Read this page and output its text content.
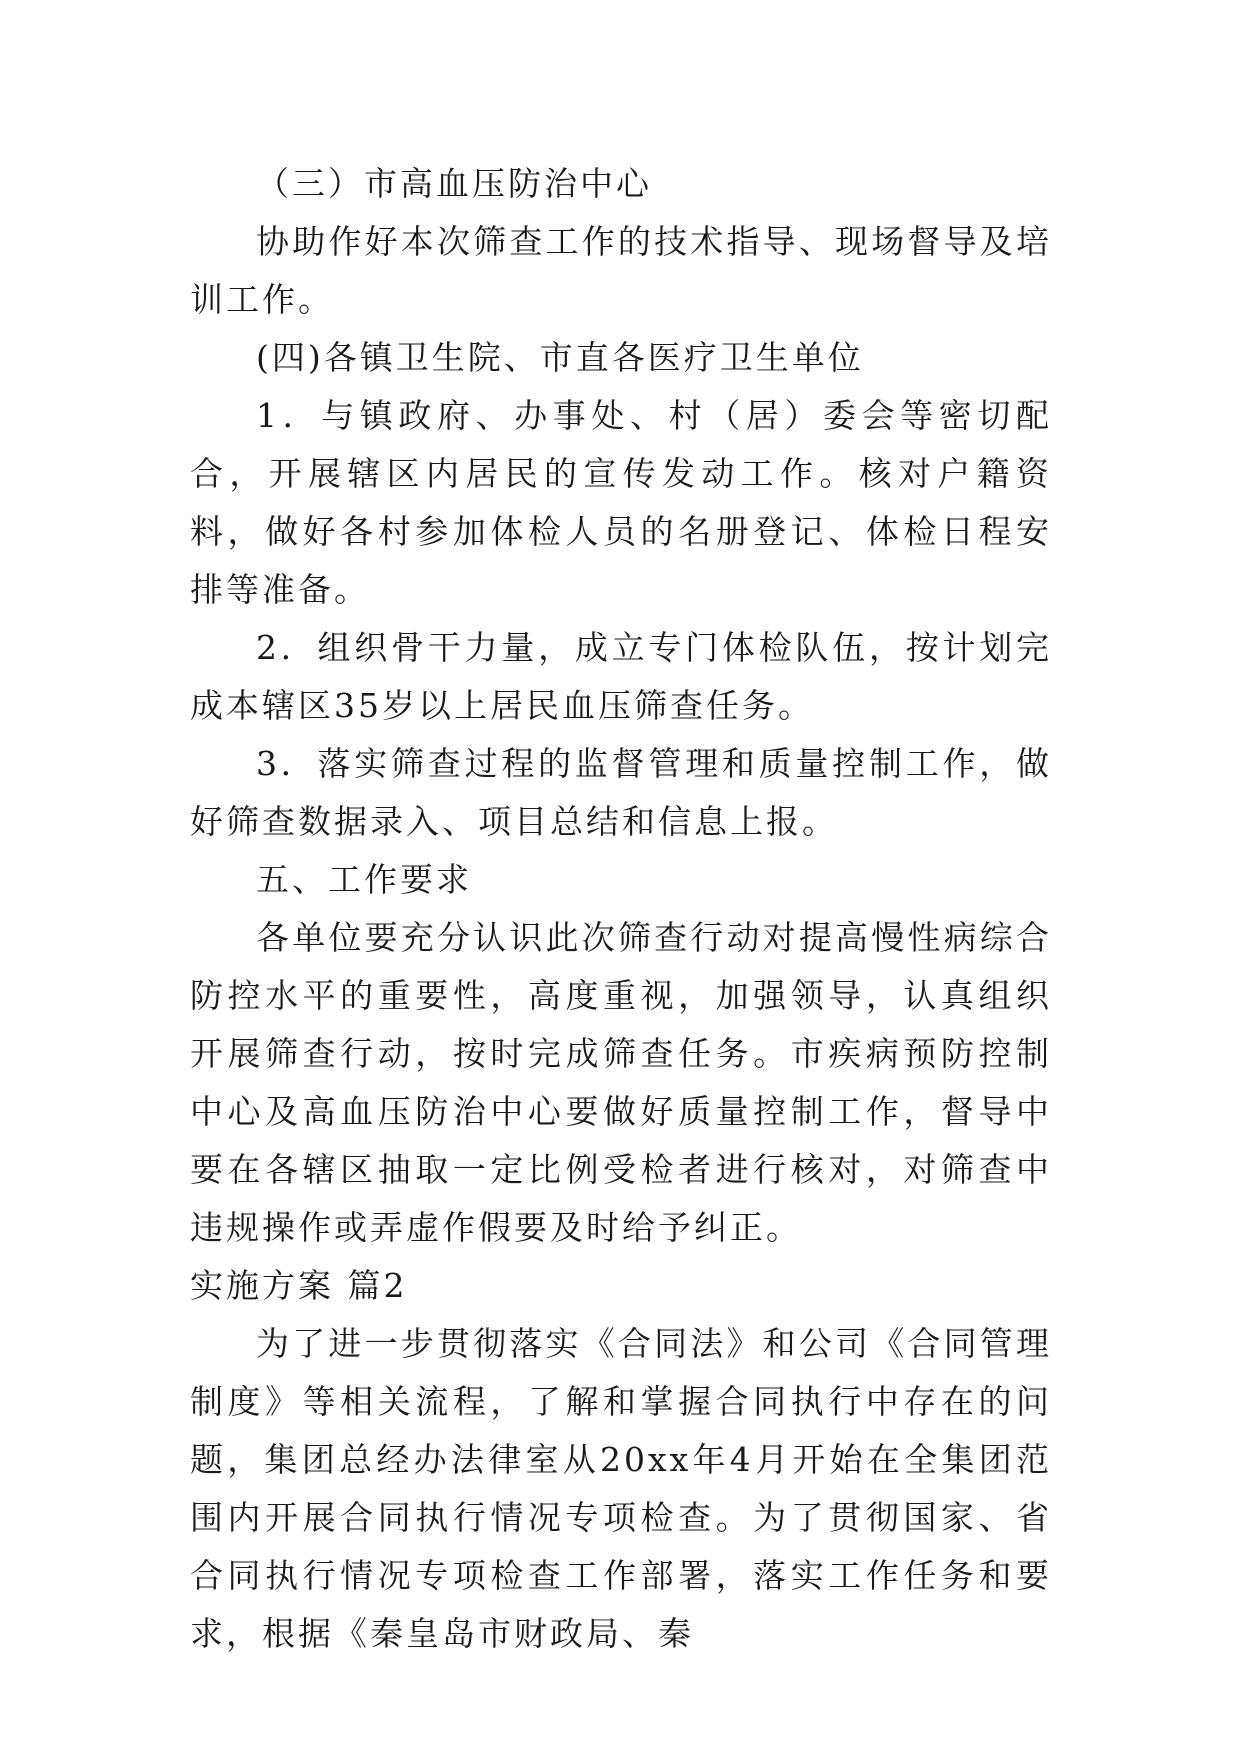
（三）市高血压防治中心

协助作好本次筛查工作的技术指导、现场督导及培训工作。

(四)各镇卫生院、市直各医疗卫生单位

1．与镇政府、办事处、村（居）委会等密切配合，开展辖区内居民的宣传发动工作。核对户籍资料，做好各村参加体检人员的名册登记、体检日程安排等准备。

2．组织骨干力量，成立专门体检队伍，按计划完成本辖区35岁以上居民血压筛查任务。

3．落实筛查过程的监督管理和质量控制工作，做好筛查数据录入、项目总结和信息上报。

五、工作要求

各单位要充分认识此次筛查行动对提高慢性病综合防控水平的重要性，高度重视，加强领导，认真组织开展筛查行动，按时完成筛查任务。市疾病预防控制中心及高血压防治中心要做好质量控制工作，督导中要在各辖区抽取一定比例受检者进行核对，对筛查中违规操作或弄虚作假要及时给予纠正。

实施方案 篇2

为了进一步贯彻落实《合同法》和公司《合同管理制度》等相关流程，了解和掌握合同执行中存在的问题，集团总经办法律室从20xx年4月开始在全集团范围内开展合同执行情况专项检查。为了贯彻国家、省合同执行情况专项检查工作部署，落实工作任务和要求，根据《秦皇岛市财政局、秦
